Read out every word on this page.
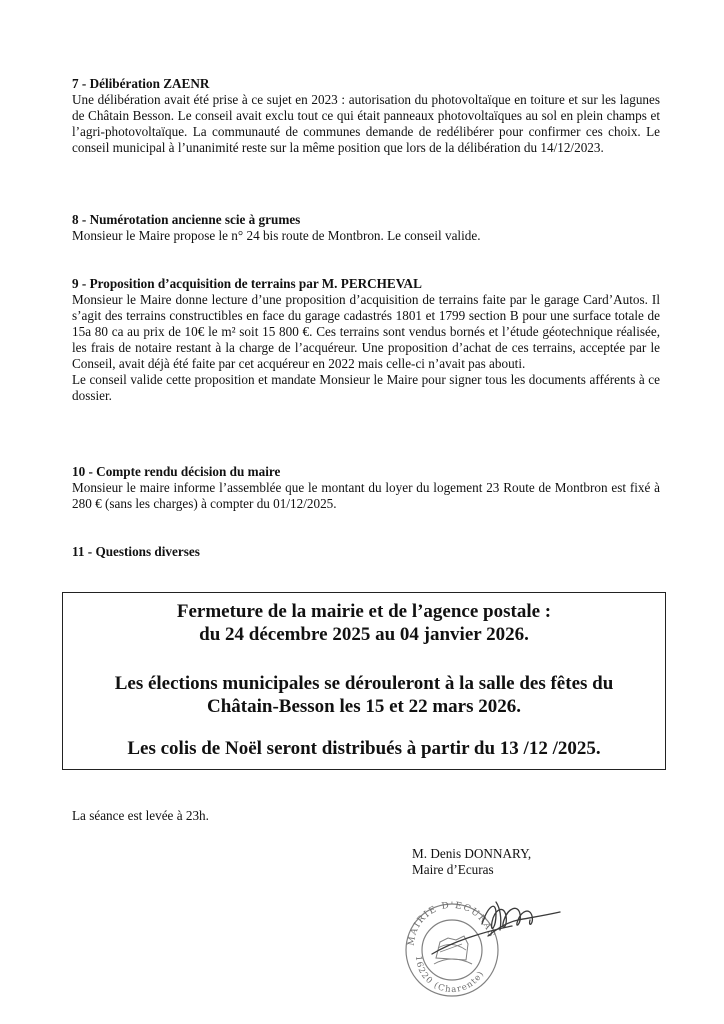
7 - Délibération ZAENR

Une délibération avait été prise à ce sujet en 2023 : autorisation du photovoltaïque en toiture et sur les lagunes de Châtain Besson. Le conseil avait exclu tout ce qui était panneaux photovoltaïques au sol en plein champs et l’agri-photovoltaïque. La communauté de communes demande de redélibérer pour confirmer ces choix. Le conseil municipal à l’unanimité reste sur la même position que lors de la délibération du 14/12/2023.

8 - Numérotation ancienne scie à grumes

Monsieur le Maire propose le n° 24 bis route de Montbron. Le conseil valide.

9 - Proposition d’acquisition de terrains par M. PERCHEVAL

Monsieur le Maire donne lecture d’une proposition d’acquisition de terrains faite par le garage Card’Autos. Il s’agit des terrains constructibles en face du garage cadastrés 1801 et 1799 section B pour une surface totale de 15a 80 ca au prix de 10€ le m² soit 15 800 €. Ces terrains sont vendus bornés et l’étude géotechnique réalisée, les frais de notaire restant à la charge de l’acquéreur. Une proposition d’achat de ces terrains, acceptée par le Conseil, avait déjà été faite par cet acquéreur en 2022 mais celle-ci n’avait pas abouti.

Le conseil valide cette proposition et mandate Monsieur le Maire pour signer tous les documents afférents à ce dossier.

10 - Compte rendu décision du maire

Monsieur le maire informe l’assemblée que le montant du loyer du logement 23 Route de Montbron est fixé à 280 € (sans les charges) à compter du 01/12/2025.

11 - Questions diverses

Fermeture de la mairie et de l’agence postale :

du 24 décembre 2025 au 04 janvier 2026.

Les élections municipales se dérouleront à la salle des fêtes du

Châtain-Besson les 15 et 22 mars 2026.

Les colis de Noël seront distribués à partir du 13 /12 /2025.

La séance est levée à 23h.
M. Denis DONNARY,
Maire d’Ecuras
MAIRIE D'ECURAS
16220 (Charente)
